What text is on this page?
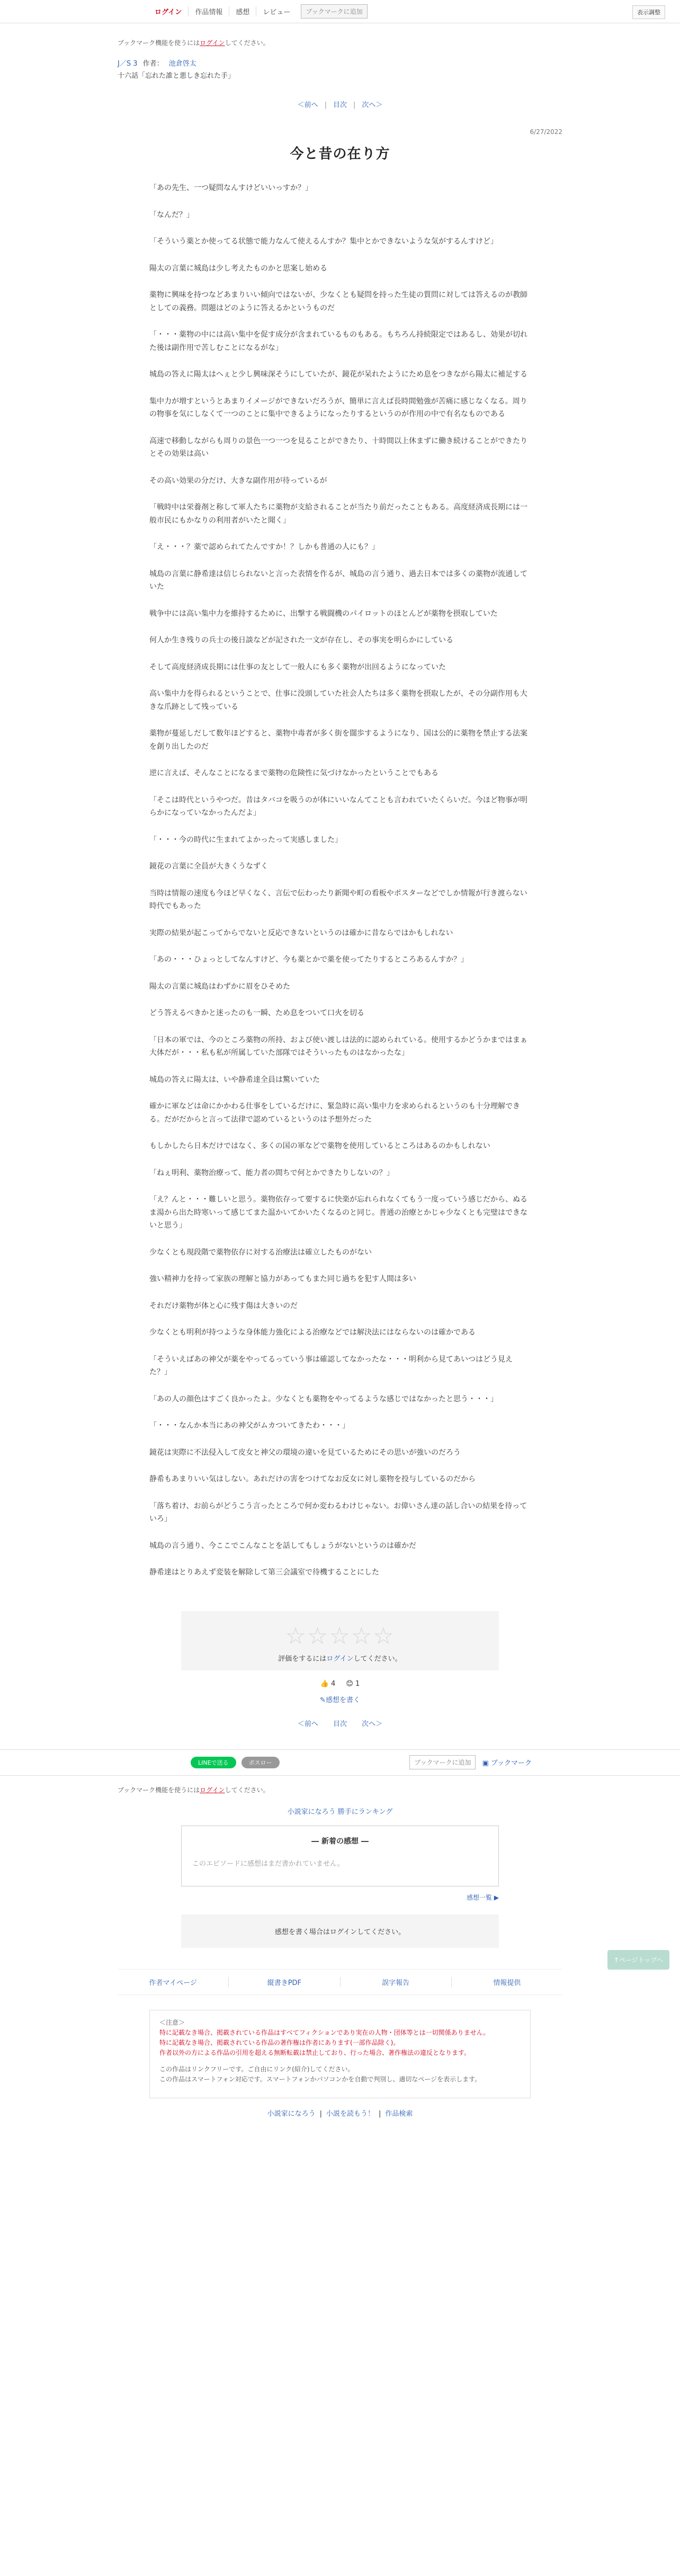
ログイン	作品情報	感想	レビュー	ブックマークに追加	表示調整
ブックマーク機能を使うにはログインしてください。
J／S 3 作者： 池倉啓太
十六話「忘れた誰と悪しき忘れた手」
＜前へ | 目次 | 次へ＞
6/27/2022
今と昔の在り方

「あの先生、一つ疑問なんすけどいいっすか？」

「なんだ？」

「そういう薬とか使ってる状態で能力なんて使えるんすか？集中とかできないような気がするんすけど」

陽太の言葉に城島は少し考えたものかと思案し始める

薬物に興味を持つなどあまりいい傾向ではないが、少なくとも疑問を持った生徒の質問に対しては答えるのが教師としての義務。問題はどのように答えるかというものだ

「・・・薬物の中には高い集中を促す成分が含まれているものもある。もちろん持続限定ではあるし、効果が切れた後は副作用で苦しむことになるがな」

城島の答えに陽太はへぇと少し興味深そうにしていたが、鏡花が呆れたようにため息をつきながら陽太に補足する

集中力が増すというとあまりイメージができないだろうが、簡単に言えば長時間勉強が苦痛に感じなくなる。周りの物事を気にしなくて一つのことに集中できるようになったりするというのが作用の中で有名なものである

高速で移動しながらも周りの景色一つ一つを見ることができたり、十時間以上休まずに働き続けることができたりとその効果は高い

その高い効果の分だけ、大きな副作用が待っているが

「戦時中は栄養剤と称して軍人たちに薬物が支給されることが当たり前だったこともある。高度経済成長期には一般市民にもかなりの利用者がいたと聞く」

「え・・・？薬で認められてたんですか！？しかも普通の人にも？」

城島の言葉に静希達は信じられないと言った表情を作るが、城島の言う通り、過去日本では多くの薬物が流通していた

戦争中には高い集中力を維持するために、出撃する戦闘機のパイロットのほとんどが薬物を摂取していた

何人か生き残りの兵士の後日談などが記された一文が存在し、その事実を明らかにしている

そして高度経済成長期には仕事の友として一般人にも多く薬物が出回るようになっていた

高い集中力を得られるということで、仕事に没頭していた社会人たちは多く薬物を摂取したが、その分副作用も大きな爪跡として残っている

薬物が蔓延しだして数年ほどすると、薬物中毒者が多く街を闊歩するようになり、国は公的に薬物を禁止する法案を創り出したのだ

逆に言えば、そんなことになるまで薬物の危険性に気づけなかったということでもある

「そこは時代というやつだ。昔はタバコを吸うのが体にいいなんてことも言われていたくらいだ。今ほど物事が明らかになっていなかったんだよ」

「・・・今の時代に生まれてよかったって実感しました」

鏡花の言葉に全員が大きくうなずく

当時は情報の速度も今ほど早くなく、言伝で伝わったり新聞や町の看板やポスターなどでしか情報が行き渡らない時代でもあった

実際の結果が起こってからでないと反応できないというのは確かに昔ならではかもしれない

「あの・・・ひょっとしてなんすけど、今も薬とかで薬を使ってたりするところあるんすか？」

陽太の言葉に城島はわずかに眉をひそめた

どう答えるべきかと迷ったのも一瞬、ため息をついて口火を切る

「日本の軍では、今のところ薬物の所持、および使い渡しは法的に認められている。使用するかどうかまではまぁ大体だが・・・私も私が所属していた部隊ではそういったものはなかったな」

城島の答えに陽太は、いや静希達全員は驚いていた

確かに軍などは命にかかわる仕事をしているだけに、緊急時に高い集中力を求められるというのも十分理解できる。だがだからと言って法律で認めているというのは予想外だった

もしかしたら日本だけではなく、多くの国の軍などで薬物を使用しているところはあるのかもしれない

「ねぇ明利、薬物治療って、能力者の間ちで何とかできたりしないの？」

「え？んと・・・難しいと思う。薬物依存って要するに快楽が忘れられなくてもう一度っていう感じだから、ぬるま湯から出た時寒いって感じてまた温かいてかいたくなるのと同じ。普通の治療とかじゃ少なくとも完璧はできないと思う」

少なくとも現段階で薬物依存に対する治療法は確立したものがない

強い精神力を持って家族の理解と協力があってもまた同じ過ちを犯す人間は多い

それだけ薬物が体と心に残す傷は大きいのだ

少なくとも明利が持つような身体能力強化による治療などでは解決法にはならないのは確かである

「そういえばあの神父が薬をやってるっていう事は確認してなかったな・・・明利から見てあいつはどう見えた？」

「あの人の顔色はすごく良かったよ。少なくとも薬物をやってるような感じではなかったと思う・・・」

「・・・なんか本当にあの神父がムカついてきたわ・・・」

鏡花は実際に不法侵入して皮女と神父の環境の違いを見ているためにその思いが強いのだろう

静希もあまりいい気はしない。あれだけの害をつけてなお反女に対し薬物を投与しているのだから

「落ち着け、お前らがどうこう言ったところで何か変わるわけじゃない。お偉いさん達の話し合いの結果を待っていろ」

城島の言う通り、今ここでこんなことを話してもしょうがないというのは確かだ

静希達はとりあえず変装を解除して第三会議室で待機することにした

☆☆☆☆☆
評価をするにはログインしてください。
👍 4 😊 1
✎感想を書く
＜前へ 目次 次へ＞
LINEで送る	ポスロー	ブックマークに追加	▣ ブックマーク
ブックマーク機能を使うにはログインしてください。
小説家になろう 勝手にランキング
― 新着の感想 ―

このエピソードに感想はまだ書かれていません。

感想一覧 ▶
感想を書く場合はログインしてください。
作者マイページ	縦書きPDF	誤字報告	情報提供
＜注意＞
特に記載なき場合、掲載されている作品はすべてフィクションであり実在の人物・団体等とは一切関係ありません。
特に記載なき場合、掲載されている作品の著作権は作者にあります(一部作品除く)。
作者以外の方による作品の引用を超える無断転載は禁止しており、行った場合、著作権法の違反となります。
この作品はリンクフリーです。ご自由にリンク(紹介)してください。
この作品はスマートフォン対応です。スマートフォンかパソコンかを自動で判別し、適切なページを表示します。
小説家になろう | 小説を読もう！ | 作品検索
↑ページトップへ
